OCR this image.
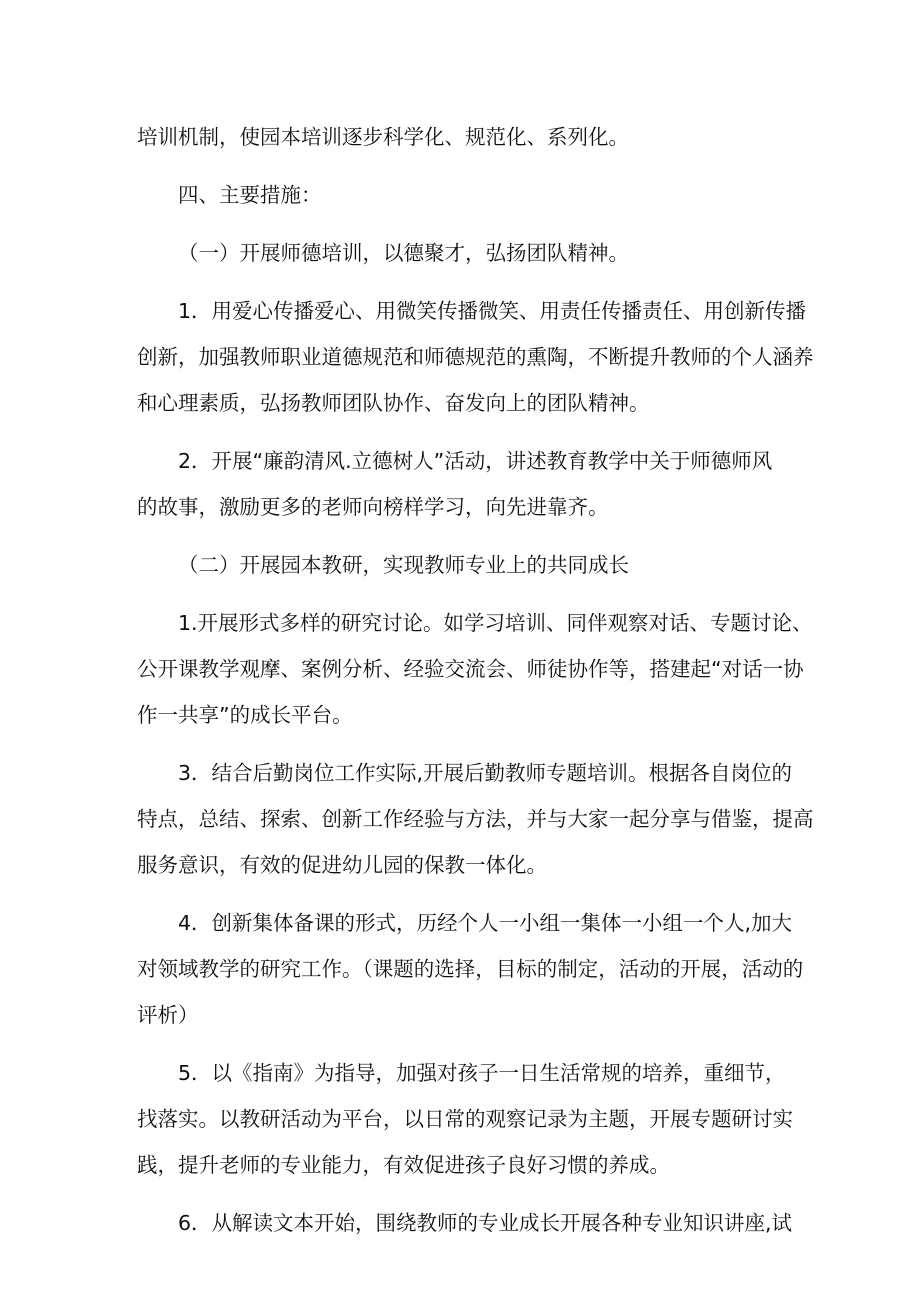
培训机制，使园本培训逐步科学化、规范化、系列化。

四、主要措施：

（一）开展师德培训，以德聚才，弘扬团队精神。

1．用爱心传播爱心、用微笑传播微笑、用责任传播责任、用创新传播
创新，加强教师职业道德规范和师德规范的熏陶，不断提升教师的个人涵养
和心理素质，弘扬教师团队协作、奋发向上的团队精神。

2．开展“廉韵清风.立德树人”活动，讲述教育教学中关于师德师风
的故事，激励更多的老师向榜样学习，向先进靠齐。

（二）开展园本教研，实现教师专业上的共同成长

1.开展形式多样的研究讨论。如学习培训、同伴观察对话、专题讨论、
公开课教学观摩、案例分析、经验交流会、师徒协作等，搭建起“对话一协
作一共享”的成长平台。

3．结合后勤岗位工作实际,开展后勤教师专题培训。根据各自岗位的
特点，总结、探索、创新工作经验与方法，并与大家一起分享与借鉴，提高
服务意识，有效的促进幼儿园的保教一体化。

4．创新集体备课的形式，历经个人一小组一集体一小组一个人,加大
对领域教学的研究工作。（课题的选择，目标的制定，活动的开展，活动的
评析）

5．以《指南》为指导，加强对孩子一日生活常规的培养，重细节，
找落实。以教研活动为平台，以日常的观察记录为主题，开展专题研讨实
践，提升老师的专业能力，有效促进孩子良好习惯的养成。

6．从解读文本开始，围绕教师的专业成长开展各种专业知识讲座,试
